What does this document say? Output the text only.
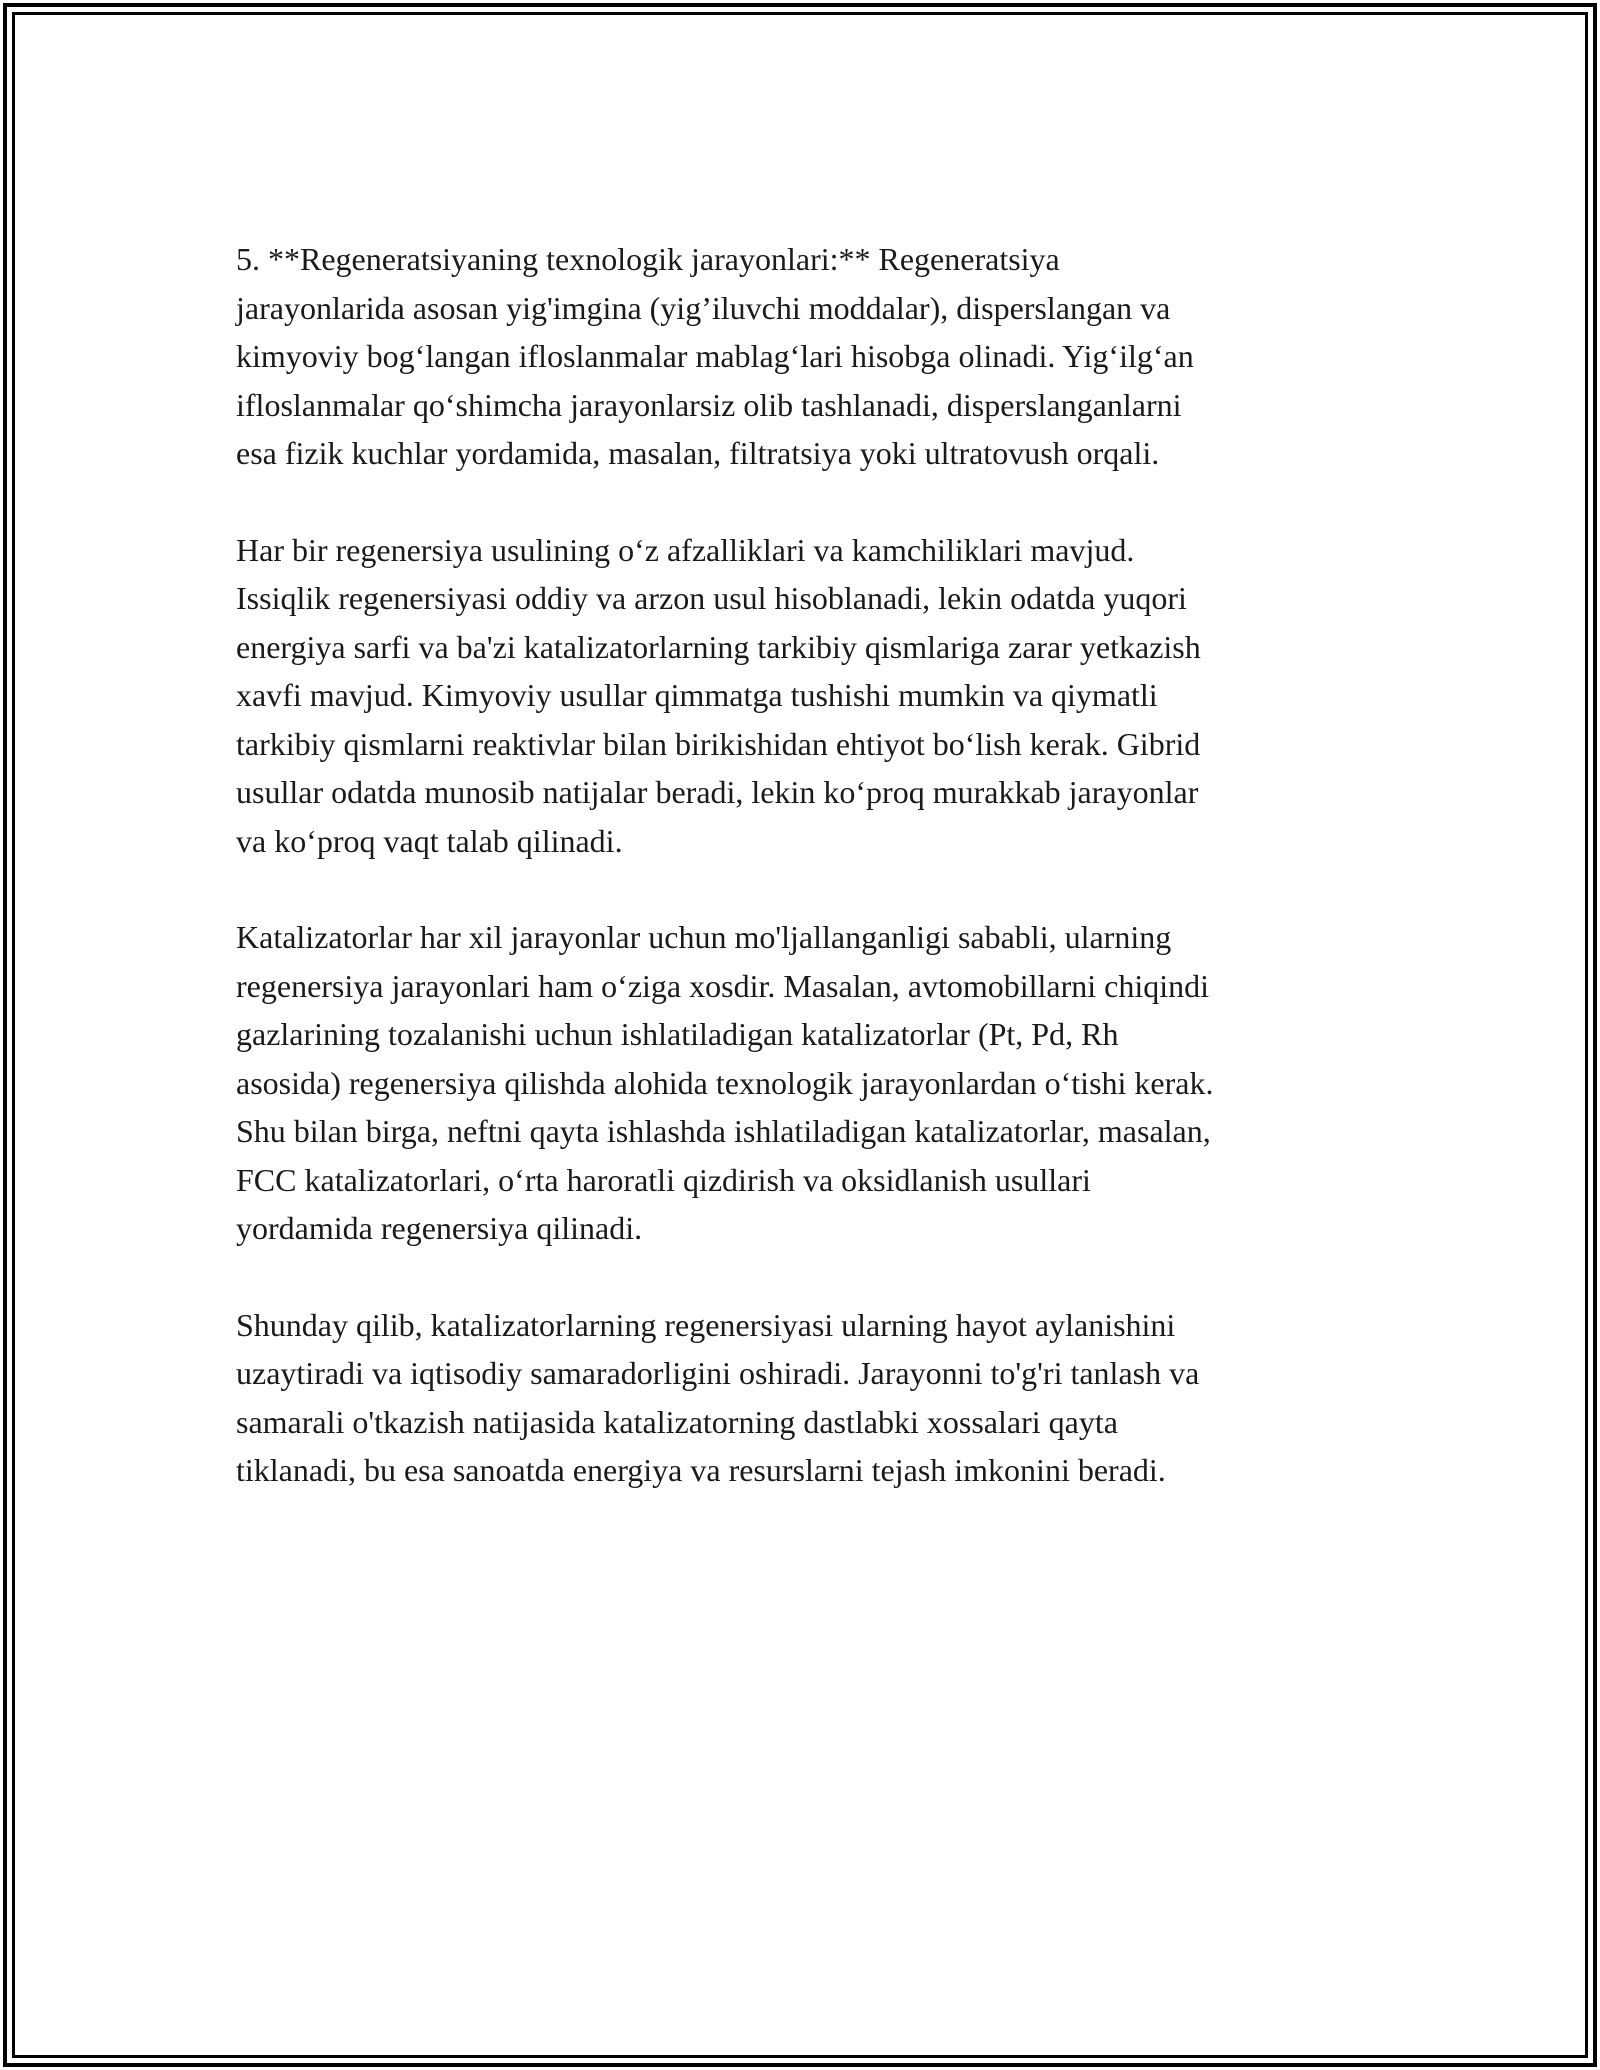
5. **Regeneratsiyaning texnologik jarayonlari:** Regeneratsiya
jarayonlarida asosan yig'imgina (yig’iluvchi moddalar), disperslangan va
kimyoviy bog‘langan ifloslanmalar mablag‘lari hisobga olinadi. Yig‘ilg‘an
ifloslanmalar qo‘shimcha jarayonlarsiz olib tashlanadi, disperslanganlarni
esa fizik kuchlar yordamida, masalan, filtratsiya yoki ultratovush orqali.

Har bir regenersiya usulining o‘z afzalliklari va kamchiliklari mavjud.
Issiqlik regenersiyasi oddiy va arzon usul hisoblanadi, lekin odatda yuqori
energiya sarfi va ba'zi katalizatorlarning tarkibiy qismlariga zarar yetkazish
xavfi mavjud. Kimyoviy usullar qimmatga tushishi mumkin va qiymatli
tarkibiy qismlarni reaktivlar bilan birikishidan ehtiyot bo‘lish kerak. Gibrid
usullar odatda munosib natijalar beradi, lekin ko‘proq murakkab jarayonlar
va ko‘proq vaqt talab qilinadi.

Katalizatorlar har xil jarayonlar uchun mo'ljallanganligi sababli, ularning
regenersiya jarayonlari ham o‘ziga xosdir. Masalan, avtomobillarni chiqindi
gazlarining tozalanishi uchun ishlatiladigan katalizatorlar (Pt, Pd, Rh
asosida) regenersiya qilishda alohida texnologik jarayonlardan o‘tishi kerak.
Shu bilan birga, neftni qayta ishlashda ishlatiladigan katalizatorlar, masalan,
FCC katalizatorlari, o‘rta haroratli qizdirish va oksidlanish usullari
yordamida regenersiya qilinadi.

Shunday qilib, katalizatorlarning regenersiyasi ularning hayot aylanishini
uzaytiradi va iqtisodiy samaradorligini oshiradi. Jarayonni to'g'ri tanlash va
samarali o'tkazish natijasida katalizatorning dastlabki xossalari qayta
tiklanadi, bu esa sanoatda energiya va resurslarni tejash imkonini beradi.
